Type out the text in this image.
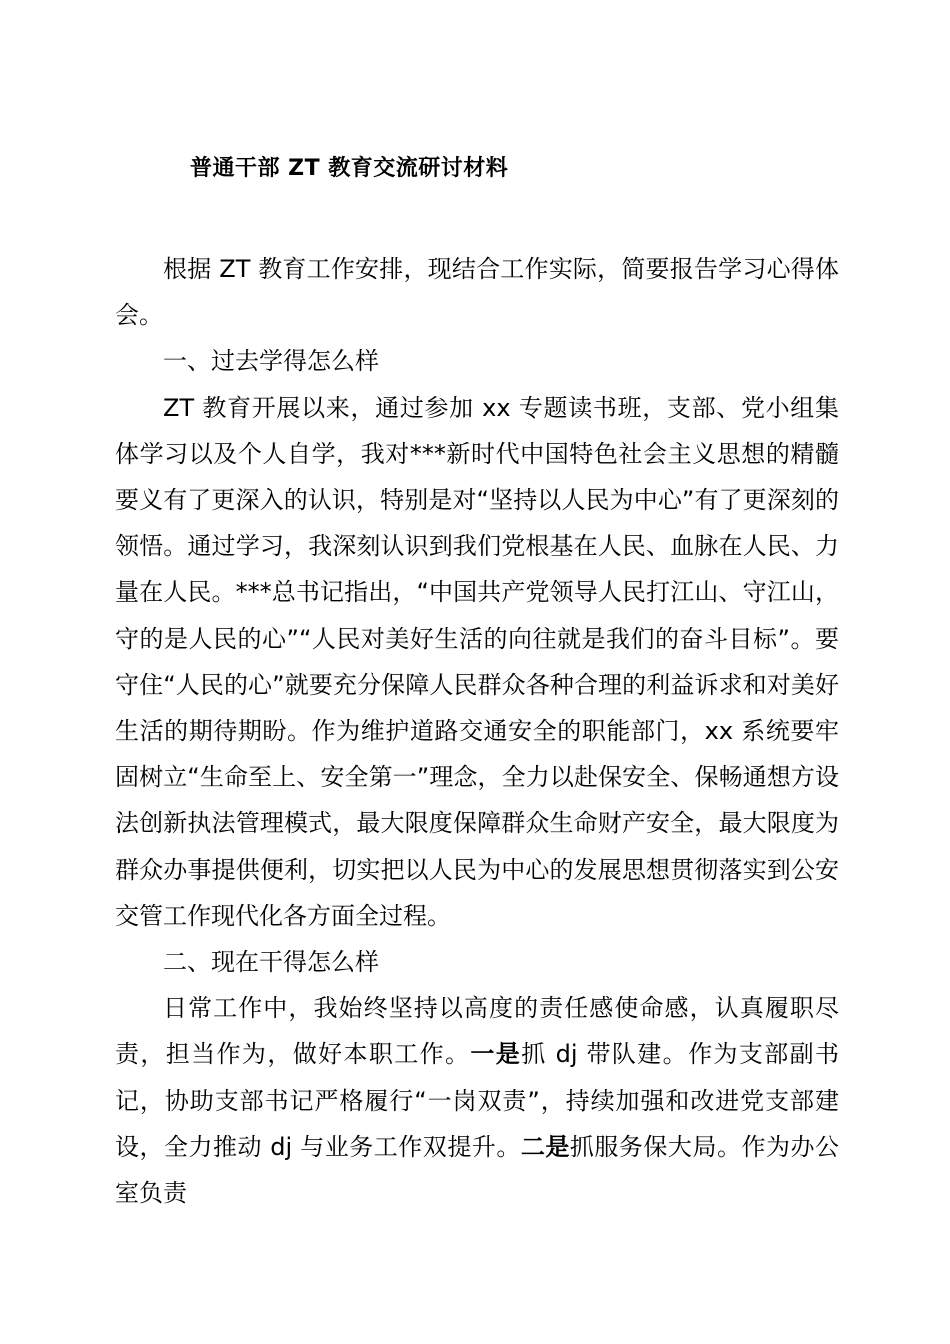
普通干部 ZT 教育交流研讨材料

根据 ZT 教育工作安排，现结合工作实际，简要报告学习心得体会。

一、过去学得怎么样

ZT 教育开展以来，通过参加 xx 专题读书班，支部、党小组集体学习以及个人自学，我对***新时代中国特色社会主义思想的精髓要义有了更深入的认识，特别是对“坚持以人民为中心”有了更深刻的领悟。通过学习，我深刻认识到我们党根基在人民、血脉在人民、力量在人民。***总书记指出，“中国共产党领导人民打江山、守江山，守的是人民的心”“人民对美好生活的向往就是我们的奋斗目标”。要守住“人民的心”就要充分保障人民群众各种合理的利益诉求和对美好生活的期待期盼。作为维护道路交通安全的职能部门，xx 系统要牢固树立“生命至上、安全第一”理念，全力以赴保安全、保畅通想方设法创新执法管理模式，最大限度保障群众生命财产安全，最大限度为群众办事提供便利，切实把以人民为中心的发展思想贯彻落实到公安交管工作现代化各方面全过程。

二、现在干得怎么样

日常工作中，我始终坚持以高度的责任感使命感，认真履职尽责，担当作为，做好本职工作。一是抓 dj 带队建。作为支部副书记，协助支部书记严格履行“一岗双责”，持续加强和改进党支部建设，全力推动 dj 与业务工作双提升。二是抓服务保大局。作为办公室负责
